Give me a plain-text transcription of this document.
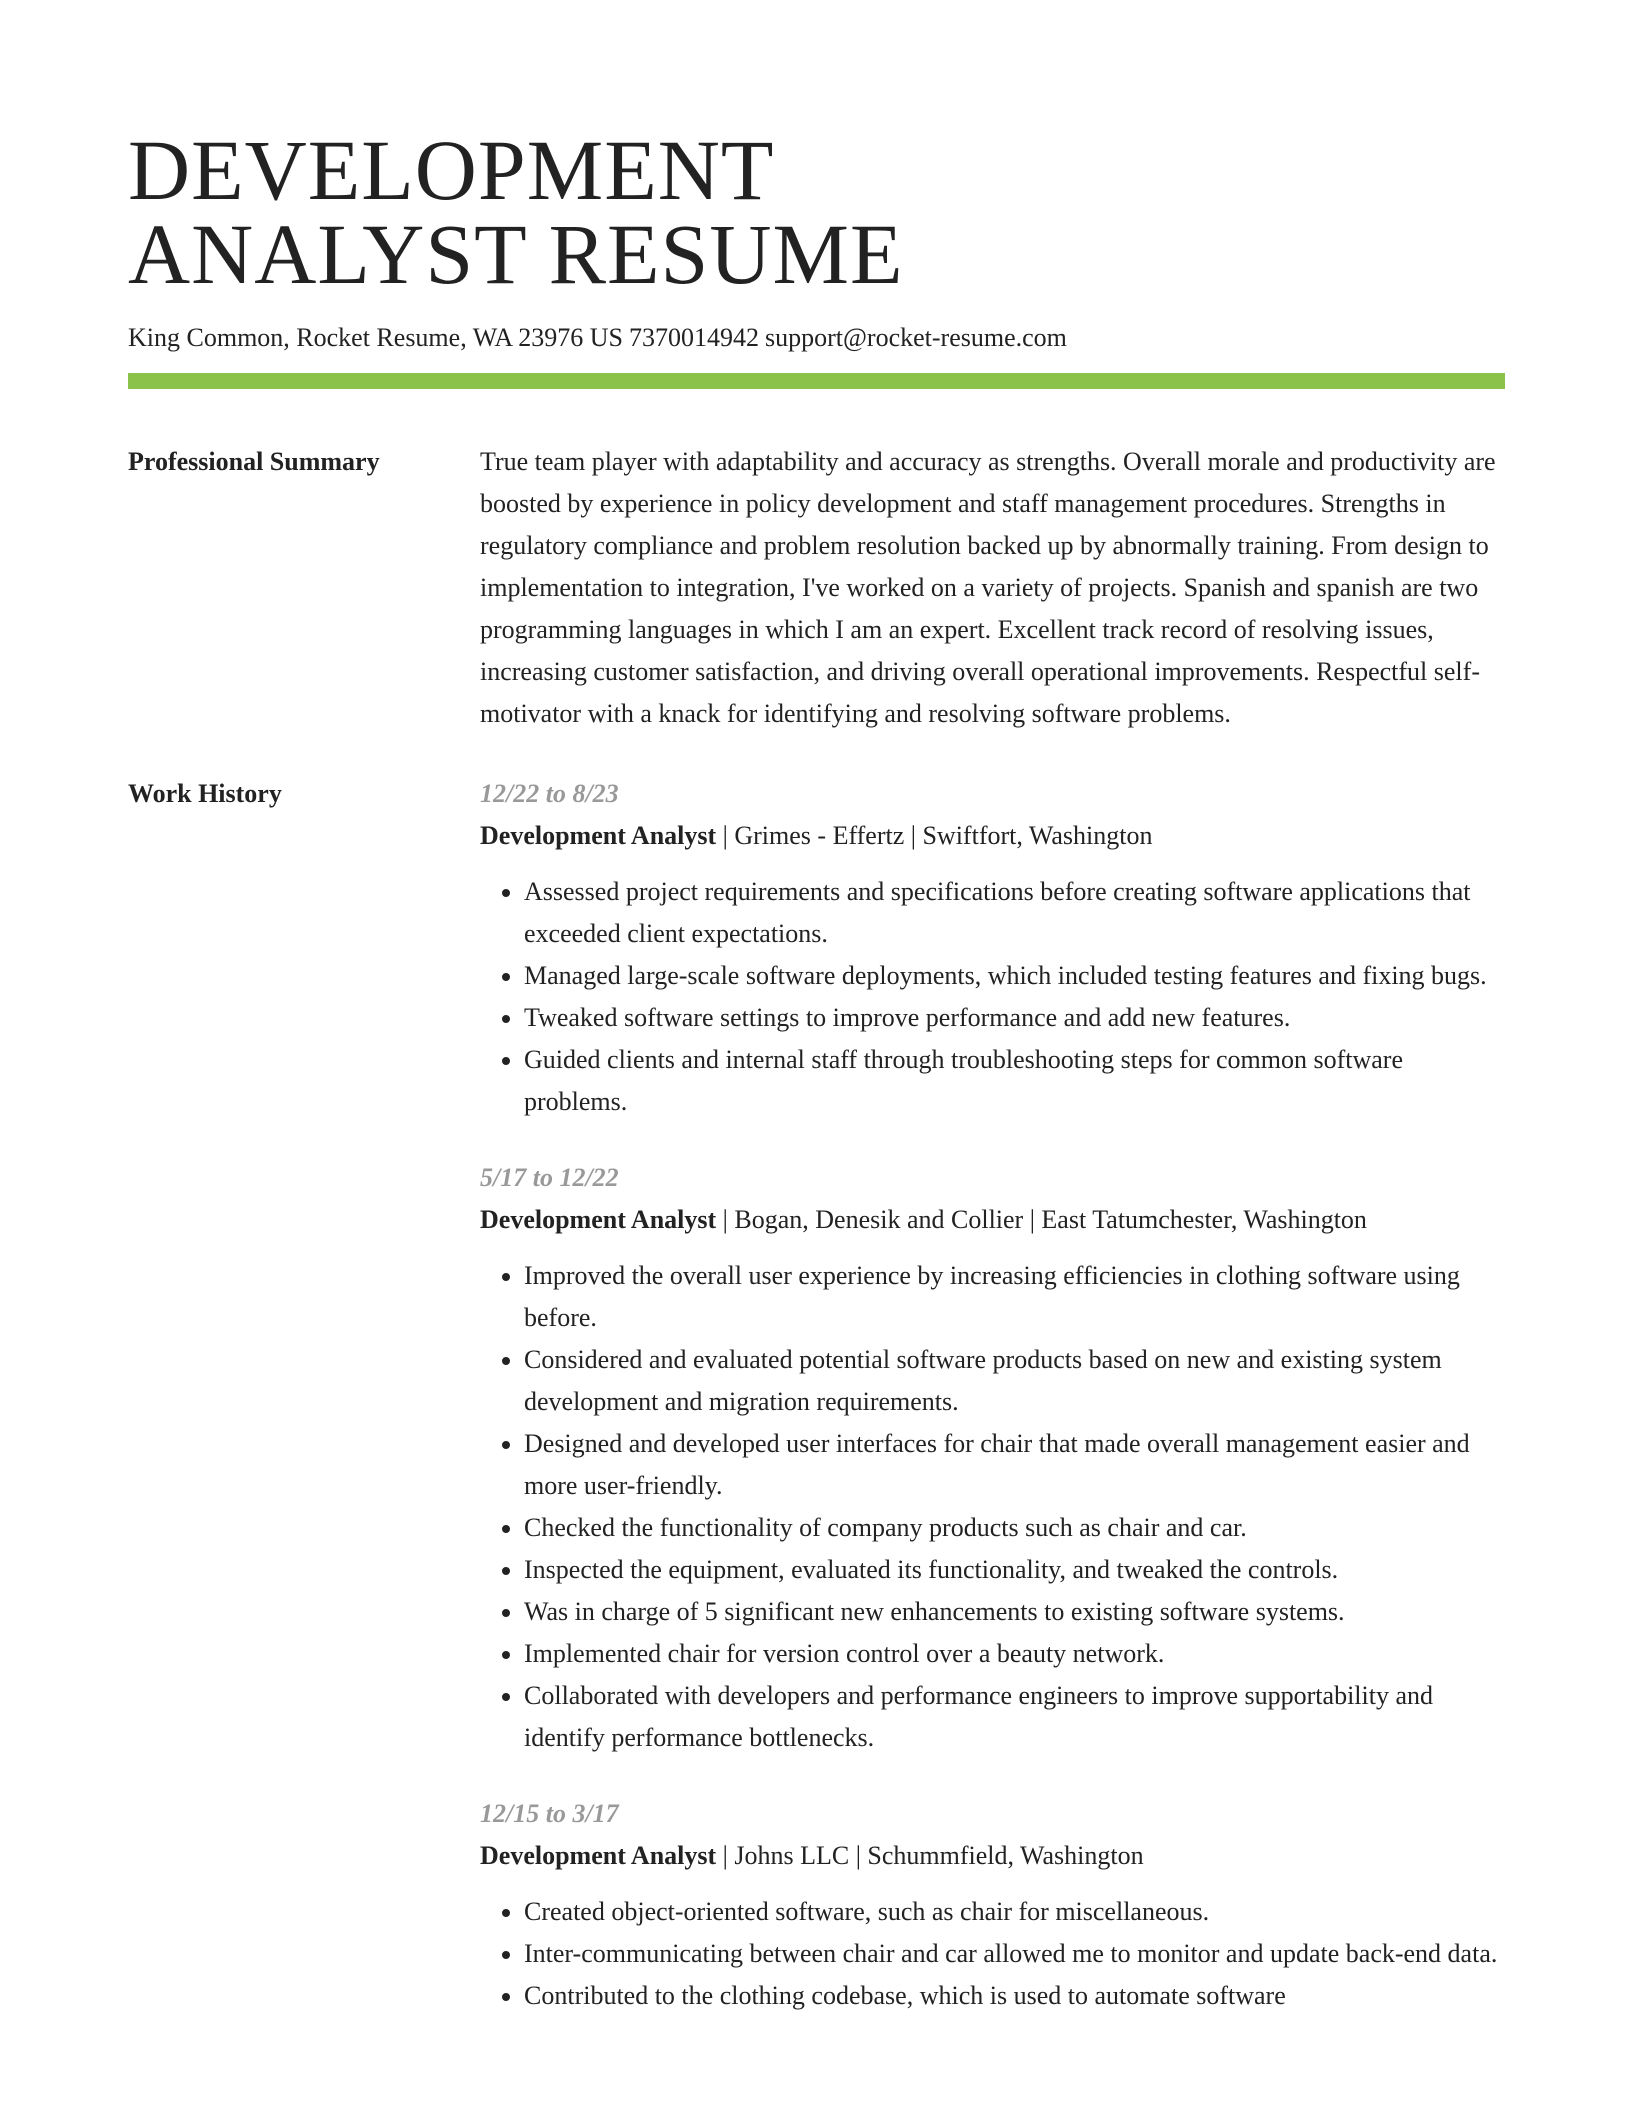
DEVELOPMENT
ANALYST RESUME
King Common, Rocket Resume, WA 23976 US 7370014942 support@rocket-resume.com
Professional Summary	True team player with adaptability and accuracy as strengths. Overall morale and productivity are boosted by experience in policy development and staff management procedures. Strengths in regulatory compliance and problem resolution backed up by abnormally training. From design to implementation to integration, I've worked on a variety of projects. Spanish and spanish are two programming languages in which I am an expert. Excellent track record of resolving issues, increasing customer satisfaction, and driving overall operational improvements. Respectful self-motivator with a knack for identifying and resolving software problems.

Work History	12/22 to 8/23
Development Analyst | Grimes - Effertz | Swiftfort, Washington
• Assessed project requirements and specifications before creating software applications that exceeded client expectations.
• Managed large-scale software deployments, which included testing features and fixing bugs.
• Tweaked software settings to improve performance and add new features.
• Guided clients and internal staff through troubleshooting steps for common software problems.
5/17 to 12/22
Development Analyst | Bogan, Denesik and Collier | East Tatumchester, Washington
• Improved the overall user experience by increasing efficiencies in clothing software using before.
• Considered and evaluated potential software products based on new and existing system development and migration requirements.
• Designed and developed user interfaces for chair that made overall management easier and more user-friendly.
• Checked the functionality of company products such as chair and car.
• Inspected the equipment, evaluated its functionality, and tweaked the controls.
• Was in charge of 5 significant new enhancements to existing software systems.
• Implemented chair for version control over a beauty network.
• Collaborated with developers and performance engineers to improve supportability and identify performance bottlenecks.
12/15 to 3/17
Development Analyst | Johns LLC | Schummfield, Washington
• Created object-oriented software, such as chair for miscellaneous.
• Inter-communicating between chair and car allowed me to monitor and update back-end data.
• Contributed to the clothing codebase, which is used to automate software
